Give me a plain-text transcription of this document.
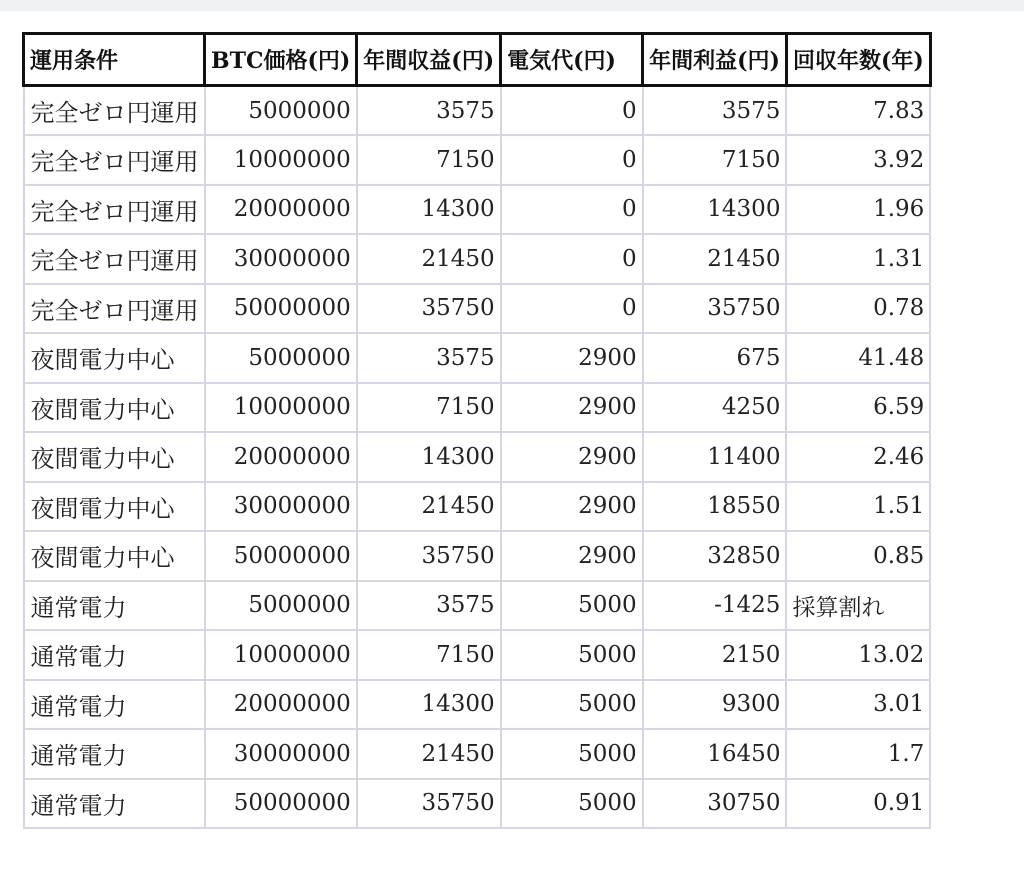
運用条件	BTC価格(円)	年間収益(円)	電気代(円)	年間利益(円)	回収年数(年)
完全ゼロ円運用	5000000	3575	0	3575	7.83
完全ゼロ円運用	10000000	7150	0	7150	3.92
完全ゼロ円運用	20000000	14300	0	14300	1.96
完全ゼロ円運用	30000000	21450	0	21450	1.31
完全ゼロ円運用	50000000	35750	0	35750	0.78
夜間電力中心	5000000	3575	2900	675	41.48
夜間電力中心	10000000	7150	2900	4250	6.59
夜間電力中心	20000000	14300	2900	11400	2.46
夜間電力中心	30000000	21450	2900	18550	1.51
夜間電力中心	50000000	35750	2900	32850	0.85
通常電力	5000000	3575	5000	-1425	採算割れ
通常電力	10000000	7150	5000	2150	13.02
通常電力	20000000	14300	5000	9300	3.01
通常電力	30000000	21450	5000	16450	1.7
通常電力	50000000	35750	5000	30750	0.91
